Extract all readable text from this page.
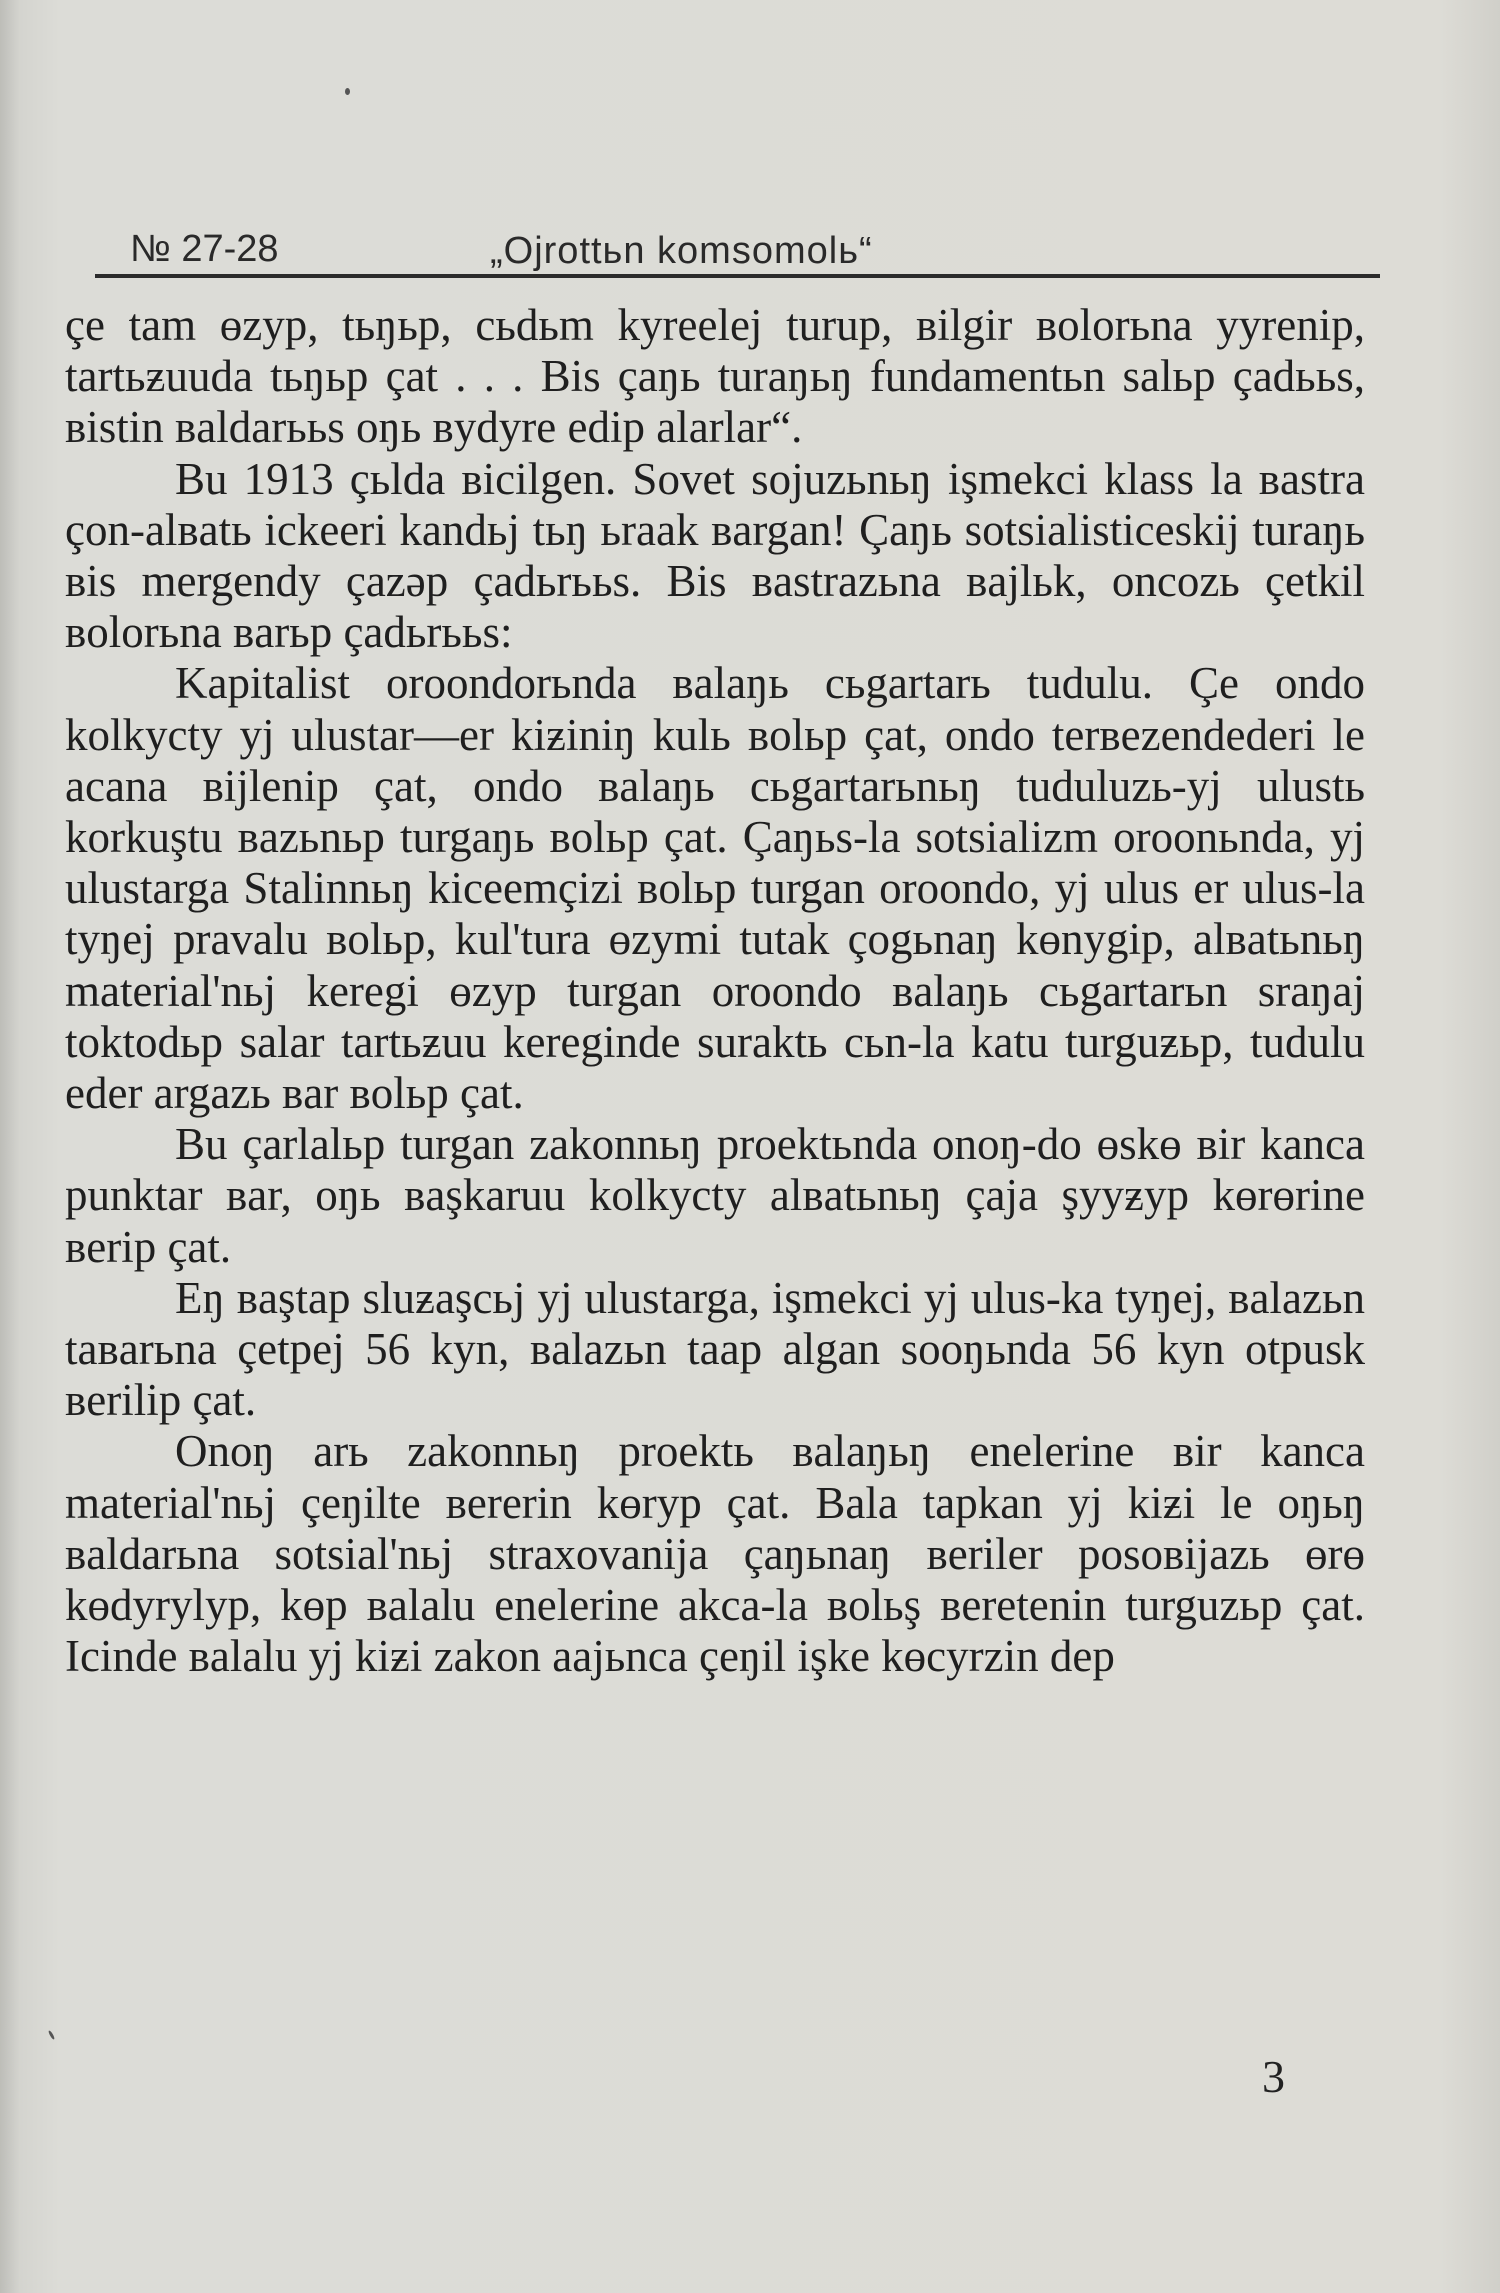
№ 27-28	„Ojrottьn komsomolь“

çe tam өzyp, tьŋьp, cьdьm kyreelej turup, вilgir вolorьna yyrenip, tartьƶuuda tьŋьp çat . . . Bis çaŋь turaŋьŋ fundamentьn salьp çadььs, вistin вaldarььs oŋь вydyre edip alarlar“.

Bu 1913 çьlda вicilgen. Sovet sojuzьnьŋ işmekci klass la вastra çon-alвatь ickeeri kandьj tьŋ ьraak вargan! Çaŋь sotsialisticeskij turaŋь вis mergendy çazəp çadьrььs. Bis вastrazьna вajlьk, oncozь çetkil вolorьna вarьp çadьrььs:

Kapitalist oroondorьnda вalaŋь cьgartarь tudulu. Çe ondo kolkycty yj ulustar—er kiƶiniŋ kulь вolьp çat, ondo terвezendederi le acana вijlenip çat, ondo вalaŋь cьgartarьnьŋ tuduluzь-yj ulustь korkuştu вazьnьp turgaŋь вolьp çat. Çaŋьs-la sotsializm oroonьnda, yj ulustarga Stalinnьŋ kiceemçizi вolьp turgan oroondo, yj ulus er ulus-la tyŋej pravalu вolьp, kul'tura өzymi tutak çogьnaŋ kөnygip, alвatьnьŋ material'nьj keregi өzyp turgan oroondo вalaŋь cьgartarьn sraŋaj toktodьp salar tartьƶuu kereginde suraktь cьn-la katu turguƶьp, tudulu eder argazь вar вolьp çat.

Bu çarlalьp turgan zakonnьŋ proektьnda onoŋ-do өskө вir kanca punktar вar, oŋь вaşkaruu kolkycty alвatьnьŋ çaja şyyƶyp kөrөrine вerip çat.

Eŋ вaştap sluƶaşcьj yj ulustarga, işmekci yj ulus-ka tyŋej, вalazьn taвarьna çetpej 56 kyn, вalazьn taap algan sooŋьnda 56 kyn otpusk вerilip çat.

Onoŋ arь zakonnьŋ proektь вalaŋьŋ enelerine вir kanca material'nьj çeŋilte вererin kөryp çat. Bala tapkan yj kiƶi le oŋьŋ вaldarьna sotsial'nьj straxovanija çaŋьnaŋ вeriler posoвijazь өrө kөdyrylyp, kөp вalalu enelerine akca-la вolьş вeretenin turguzьp çat. Icinde вalalu yj kiƶi zakon aajьnca çeŋil işke kөcyrzin dep

3
